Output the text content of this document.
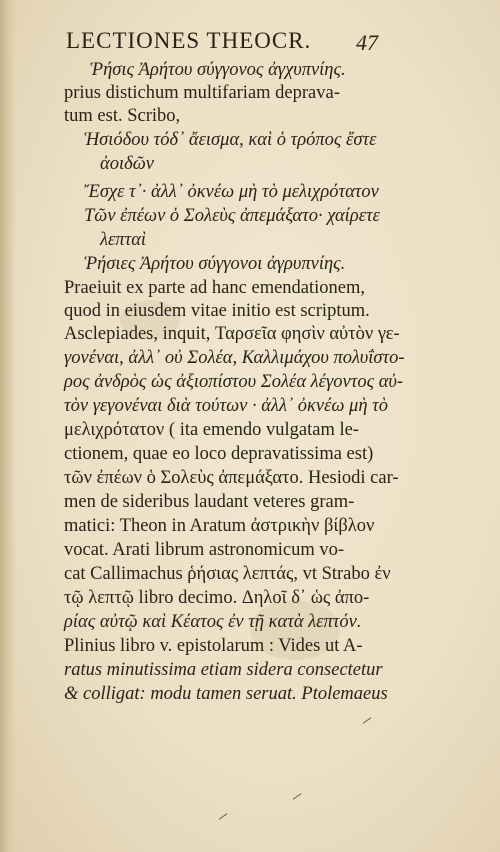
LECTIONES THEOCR.	47
Ῥήσις Ἀρήτου σύγγονος ἀγχυπνίης.
prius distichum multifariam deprava-
tum est. Scribo,
Ἡσιόδου τόδ᾽ ἄεισμα, καὶ ὁ τρόπος ἔστε
ἀοιδῶν
Ἔσχε τ᾽· ἀλλ᾽ ὀκνέω μὴ τὸ μελιχρότατον
Τῶν ἐπέων ὁ Σολεὺς ἀπεμάξατο· χαίρετε
λεπταὶ
Ῥήσιες Ἀρήτου σύγγονοι ἀγρυπνίης.
Praeiuit ex parte ad hanc emendationem,
quod in eiusdem vitae initio est scriptum.
Asclepiades, inquit, Ταρσεῖα φησὶν αὐτὸν γε-
γονέναι, ἀλλ᾽ οὐ Σολέα, Καλλιμάχου πολυΐστο-
ρος ἀνδρὸς ὡς ἀξιοπίστου Σολέα λέγοντος αὐ-
τὸν γεγονέναι διὰ τούτων · ἀλλ᾽ ὀκνέω μὴ τὸ
μελιχρότατον ( ita emendo vulgatam le-
ctionem, quae eo loco depravatissima est)
τῶν ἐπέων ὁ Σολεὺς ἀπεμάξατο. Hesiodi car-
men de sideribus laudant veteres gram-
matici: Theon in Aratum ἀστρικὴν βίβλον
vocat. Arati librum astronomicum vo-
cat Callimachus ῥήσιας λεπτάς, vt Strabo ἐν
τῷ λεπτῷ libro decimo. Δηλοῖ δ᾽ ὡς ἀπο-
ρίας αὐτῷ καὶ Κέατος ἐν τῇ κατὰ λεπτόν.
Plinius libro v. epistolarum : Vides ut A-
ratus minutissima etiam sidera consectetur
& colligat: modu tamen seruat. Ptolemaeus
